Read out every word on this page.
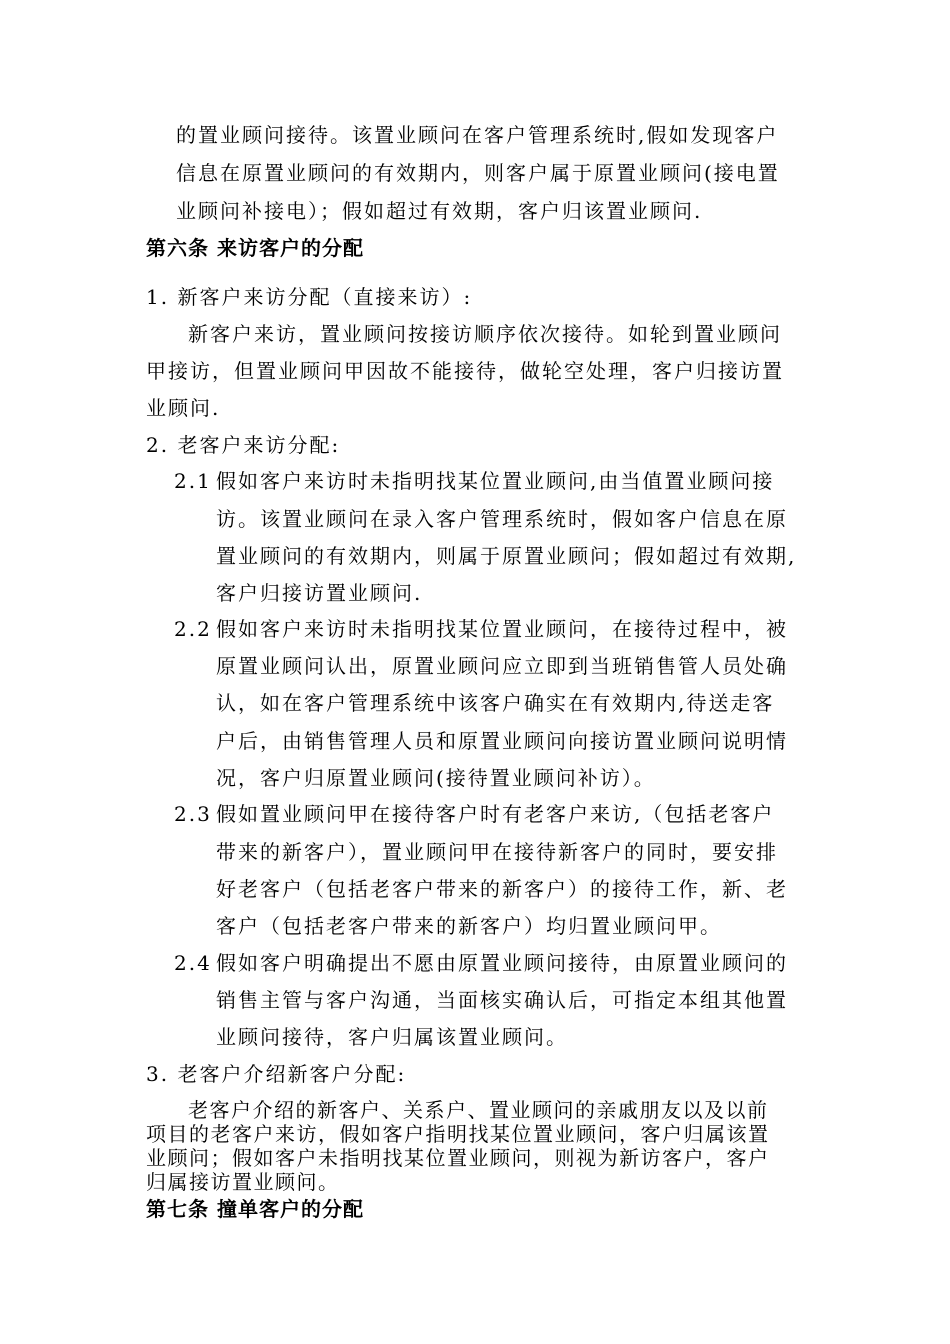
的置业顾问接待。该置业顾问在客户管理系统时,假如发现客户
信息在原置业顾问的有效期内，则客户属于原置业顾问(接电置
业顾问补接电）；假如超过有效期，客户归该置业顾问.
第六条 来访客户的分配
1. 新客户来访分配（直接来访）:
新客户来访，置业顾问按接访顺序依次接待。如轮到置业顾问
甲接访，但置业顾问甲因故不能接待，做轮空处理，客户归接访置
业顾问.
2. 老客户来访分配:
2.1 假如客户来访时未指明找某位置业顾问,由当值置业顾问接
访。该置业顾问在录入客户管理系统时，假如客户信息在原
置业顾问的有效期内，则属于原置业顾问；假如超过有效期,
客户归接访置业顾问.
2.2 假如客户来访时未指明找某位置业顾问，在接待过程中，被
原置业顾问认出，原置业顾问应立即到当班销售管人员处确
认，如在客户管理系统中该客户确实在有效期内,待送走客
户后，由销售管理人员和原置业顾问向接访置业顾问说明情
况，客户归原置业顾问(接待置业顾问补访）。
2.3 假如置业顾问甲在接待客户时有老客户来访,（包括老客户
带来的新客户），置业顾问甲在接待新客户的同时，要安排
好老客户（包括老客户带来的新客户）的接待工作，新、老
客户（包括老客户带来的新客户）均归置业顾问甲。
2.4 假如客户明确提出不愿由原置业顾问接待，由原置业顾问的
销售主管与客户沟通，当面核实确认后，可指定本组其他置
业顾问接待，客户归属该置业顾问。
3. 老客户介绍新客户分配:
老客户介绍的新客户、关系户、置业顾问的亲戚朋友以及以前
项目的老客户来访，假如客户指明找某位置业顾问，客户归属该置
业顾问；假如客户未指明找某位置业顾问，则视为新访客户，客户
归属接访置业顾问。
第七条 撞单客户的分配
